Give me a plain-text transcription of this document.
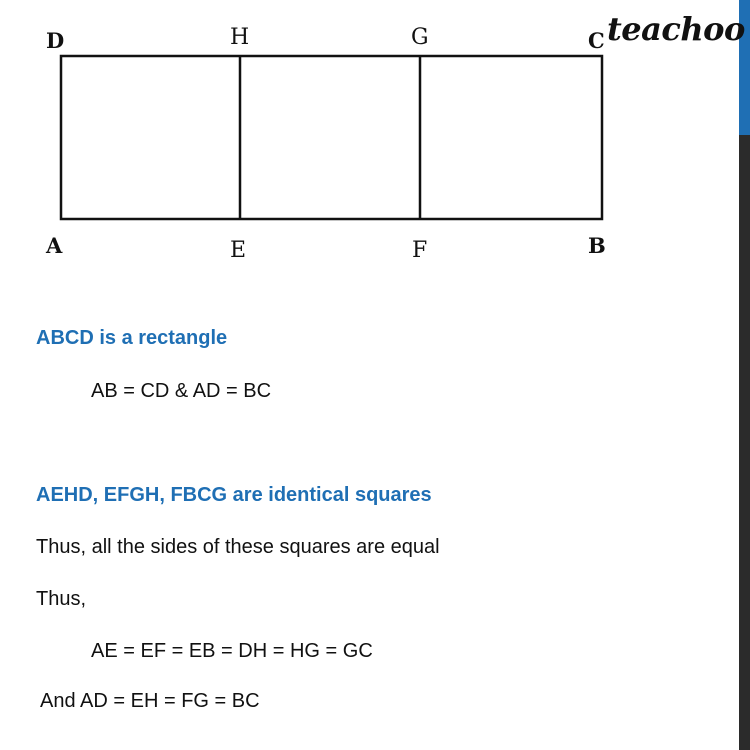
teachoo
D	H	G	C
A	E	F	B
ABCD is a rectangle
AB = CD & AD = BC
AEHD, EFGH, FBCG are identical squares
Thus, all the sides of these squares are equal
Thus,
AE = EF = EB = DH = HG = GC
And AD = EH = FG = BC
